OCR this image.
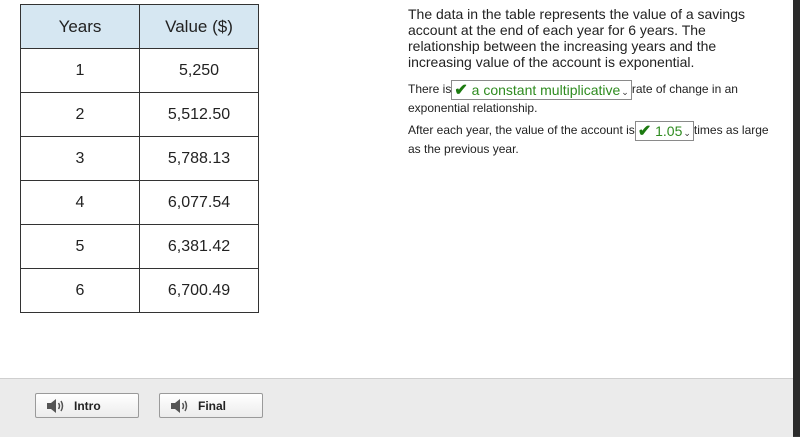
Years	Value ($)
1	5,250
2	5,512.50
3	5,788.13
4	6,077.54
5	6,381.42
6	6,700.49

The data in the table represents the value of a savings account at the end of each year for 6 years. The relationship between the increasing years and the increasing value of the account is exponential.

There is ✔ a constant multiplicative⌄ rate of change in an exponential relationship.

After each year, the value of the account is ✔ 1.05⌄ times as large as the previous year.

Intro	Final
